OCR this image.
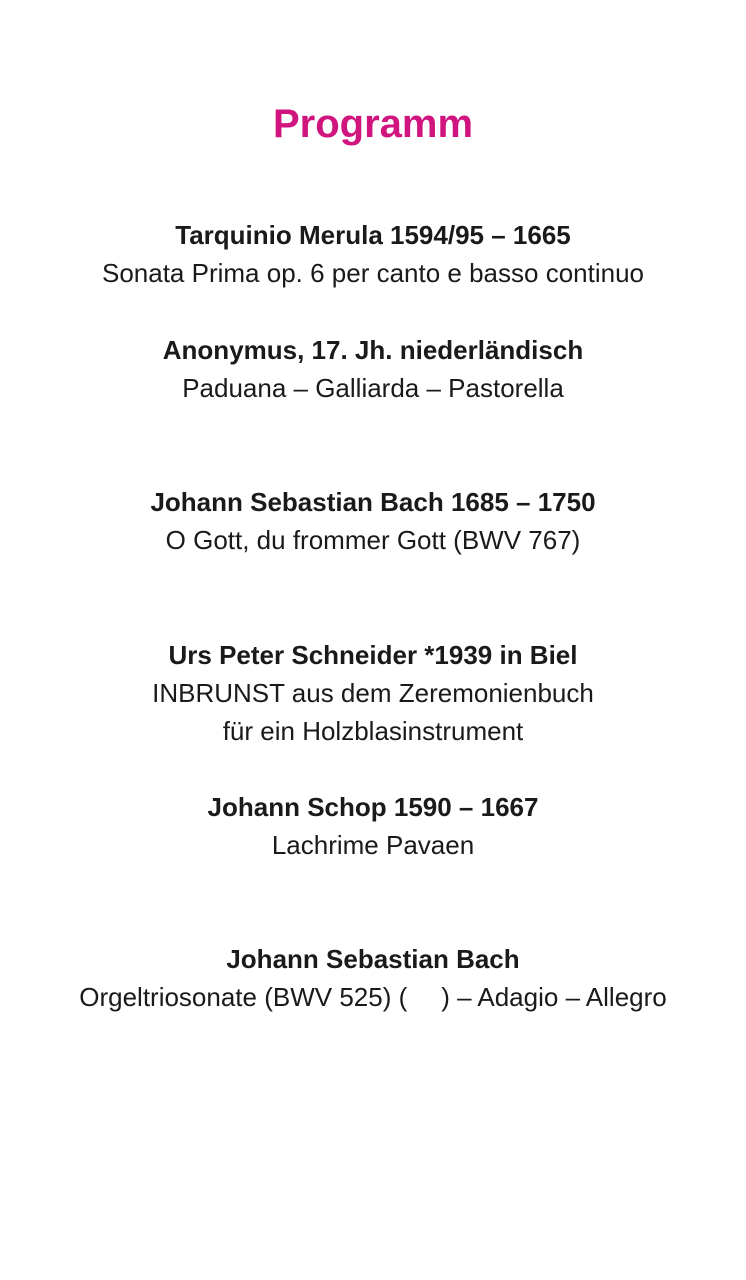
Programm

Tarquinio Merula 1594/95 – 1665

Sonata Prima op. 6 per canto e basso continuo

Anonymus, 17. Jh. niederländisch

Paduana – Galliarda – Pastorella

Johann Sebastian Bach 1685 – 1750

O Gott, du frommer Gott (BWV 767)

Urs Peter Schneider *1939 in Biel

INBRUNST aus dem Zeremonienbuch

für ein Holzblasinstrument

Johann Schop 1590 – 1667

Lachrime Pavaen

Johann Sebastian Bach

Orgeltriosonate (BWV 525) ( ) – Adagio – Allegro
